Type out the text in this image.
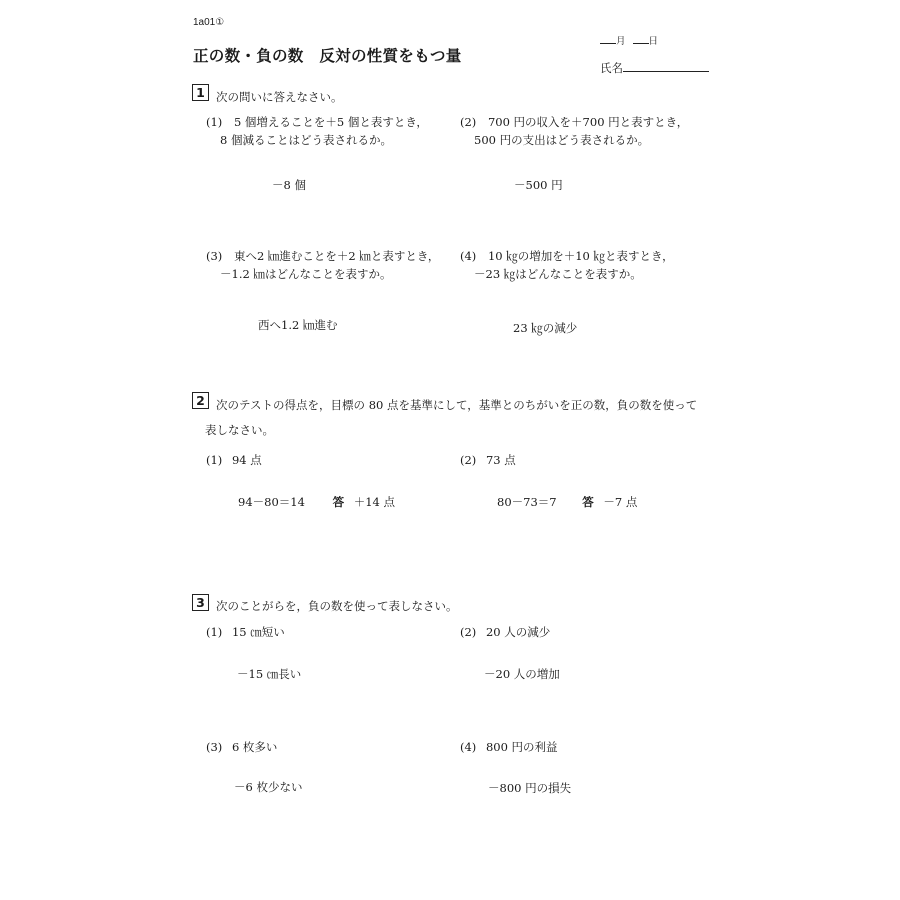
1a01①
正の数・負の数　反対の性質をもつ量
月 日
氏名
1 次の問いに答えなさい。
(1) 5 個増えることを＋5 個と表すとき，
8 個減ることはどう表されるか。
－8 個
(2) 700 円の収入を＋700 円と表すとき，
500 円の支出はどう表されるか。
－500 円
(3) 東へ2 ㎞進むことを＋2 ㎞と表すとき，
－1.2 ㎞はどんなことを表すか。
西へ1.2 ㎞進む
(4) 10 ㎏の増加を＋10 ㎏と表すとき，
－23 ㎏はどんなことを表すか。
23 ㎏の減少
2 次のテストの得点を，目標の 80 点を基準にして，基準とのちがいを正の数，負の数を使って
表しなさい。
(1) 94 点
94－80＝14 答 ＋14 点
(2) 73 点
80－73＝7 答 －7 点
3 次のことがらを，負の数を使って表しなさい。
(1) 15 ㎝短い
－15 ㎝長い
(2) 20 人の減少
－20 人の増加
(3) 6 枚多い
－6 枚少ない
(4) 800 円の利益
－800 円の損失
